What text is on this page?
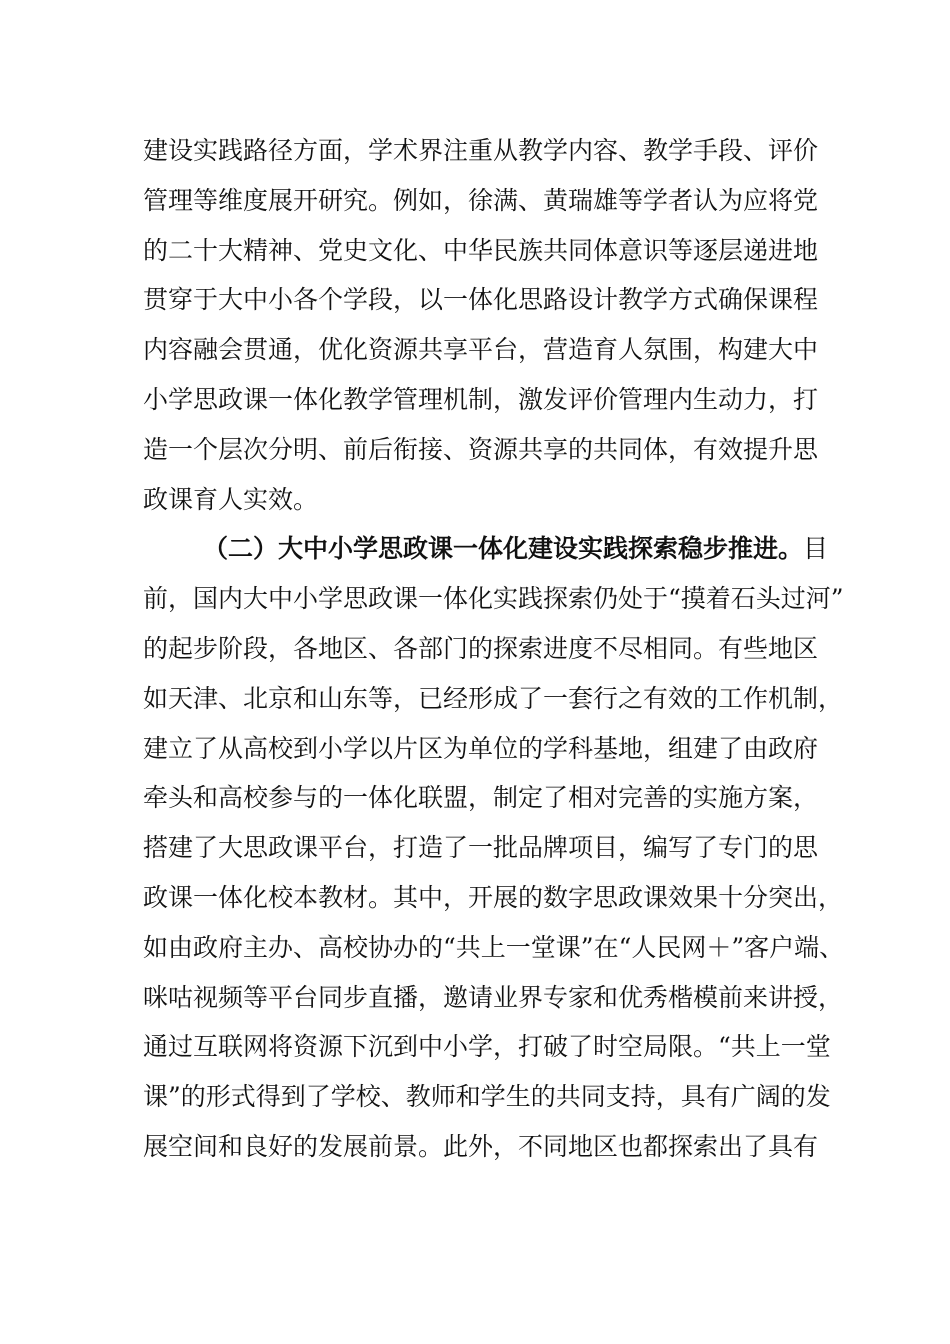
建设实践路径方面，学术界注重从教学内容、教学手段、评价
管理等维度展开研究。例如，徐满、黄瑞雄等学者认为应将党
的二十大精神、党史文化、中华民族共同体意识等逐层递进地
贯穿于大中小各个学段，以一体化思路设计教学方式确保课程
内容融会贯通，优化资源共享平台，营造育人氛围，构建大中
小学思政课一体化教学管理机制，激发评价管理内生动力，打
造一个层次分明、前后衔接、资源共享的共同体，有效提升思
政课育人实效。
（二）大中小学思政课一体化建设实践探索稳步推进。目
前，国内大中小学思政课一体化实践探索仍处于“摸着石头过河”
的起步阶段，各地区、各部门的探索进度不尽相同。有些地区
如天津、北京和山东等，已经形成了一套行之有效的工作机制，
建立了从高校到小学以片区为单位的学科基地，组建了由政府
牵头和高校参与的一体化联盟，制定了相对完善的实施方案，
搭建了大思政课平台，打造了一批品牌项目，编写了专门的思
政课一体化校本教材。其中，开展的数字思政课效果十分突出，
如由政府主办、高校协办的“共上一堂课”在“人民网＋”客户端、
咪咕视频等平台同步直播，邀请业界专家和优秀楷模前来讲授，
通过互联网将资源下沉到中小学，打破了时空局限。“共上一堂
课”的形式得到了学校、教师和学生的共同支持，具有广阔的发
展空间和良好的发展前景。此外，不同地区也都探索出了具有
